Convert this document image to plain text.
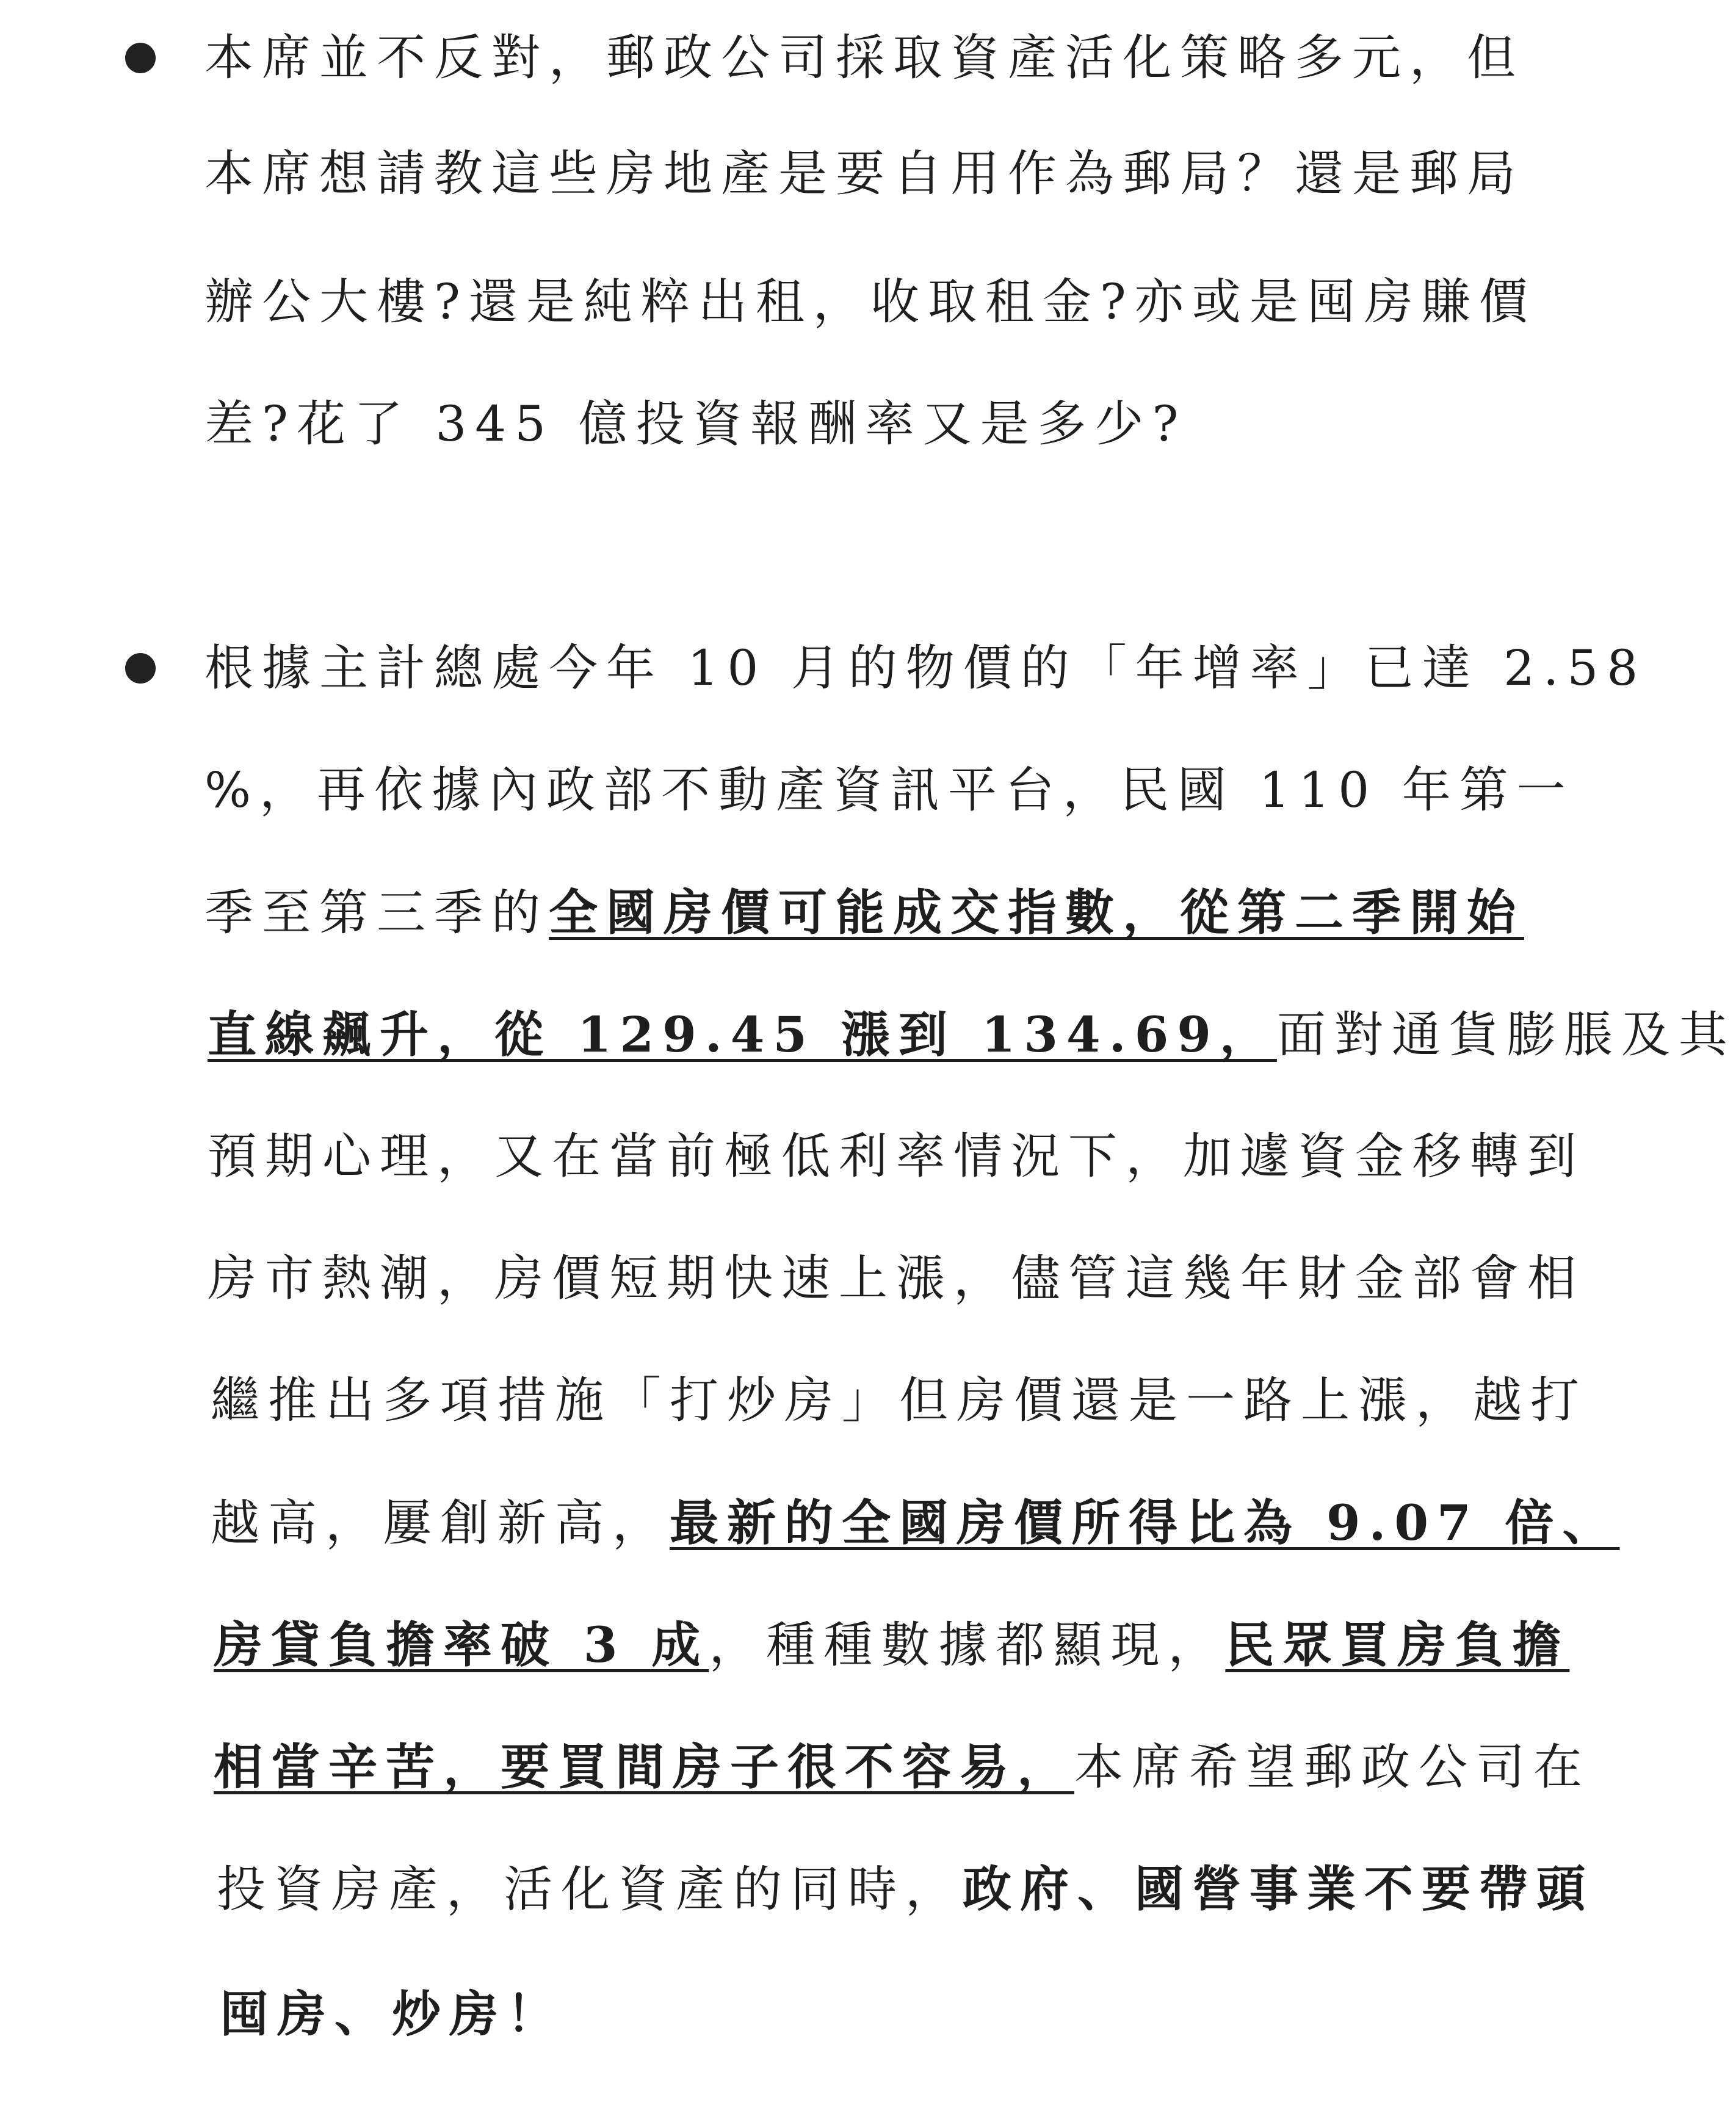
本席並不反對，郵政公司採取資產活化策略多元，但
本席想請教這些房地產是要自用作為郵局？還是郵局
辦公大樓?還是純粹出租，收取租金?亦或是囤房賺價
差?花了 345 億投資報酬率又是多少?
根據主計總處今年 10 月的物價的「年增率」已達 2.58
%，再依據內政部不動產資訊平台，民國 110 年第一
季至第三季的全國房價可能成交指數，從第二季開始
直線飆升，從 129.45 漲到 134.69，面對通貨膨脹及其
預期心理，又在當前極低利率情況下，加遽資金移轉到
房市熱潮，房價短期快速上漲，儘管這幾年財金部會相
繼推出多項措施「打炒房」但房價還是一路上漲，越打
越高，屢創新高，最新的全國房價所得比為 9.07 倍、
房貸負擔率破 3 成，種種數據都顯現，民眾買房負擔
相當辛苦，要買間房子很不容易，本席希望郵政公司在
投資房產，活化資產的同時，政府、國營事業不要帶頭
囤房、炒房！
